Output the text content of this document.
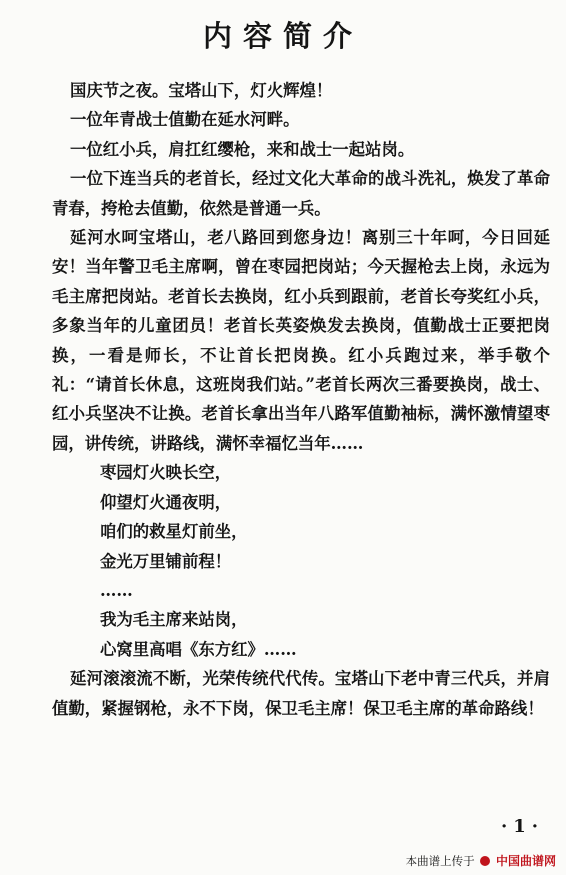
内容简介

国庆节之夜。宝塔山下，灯火辉煌！

一位年青战士值勤在延水河畔。

一位红小兵，肩扛红缨枪，来和战士一起站岗。

一位下连当兵的老首长，经过文化大革命的战斗洗礼，焕发了革命青春，挎枪去值勤，依然是普通一兵。

延河水呵宝塔山，老八路回到您身边！离别三十年呵，今日回延安！当年警卫毛主席啊，曾在枣园把岗站；今天握枪去上岗，永远为毛主席把岗站。老首长去换岗，红小兵到跟前，老首长夸奖红小兵，多象当年的儿童团员！老首长英姿焕发去换岗，值勤战士正要把岗换，一看是师长，不让首长把岗换。红小兵跑过来，举手敬个礼：“请首长休息，这班岗我们站。”老首长两次三番要换岗，战士、红小兵坚决不让换。老首长拿出当年八路军值勤袖标，满怀激情望枣园，讲传统，讲路线，满怀幸福忆当年……

枣园灯火映长空，

仰望灯火通夜明，

咱们的救星灯前坐，

金光万里铺前程！

……

我为毛主席来站岗，

心窝里高唱《东方红》……

延河滚滚流不断，光荣传统代代传。宝塔山下老中青三代兵，并肩值勤，紧握钢枪，永不下岗，保卫毛主席！保卫毛主席的革命路线！

·1·
本曲谱上传于 中国曲谱网
